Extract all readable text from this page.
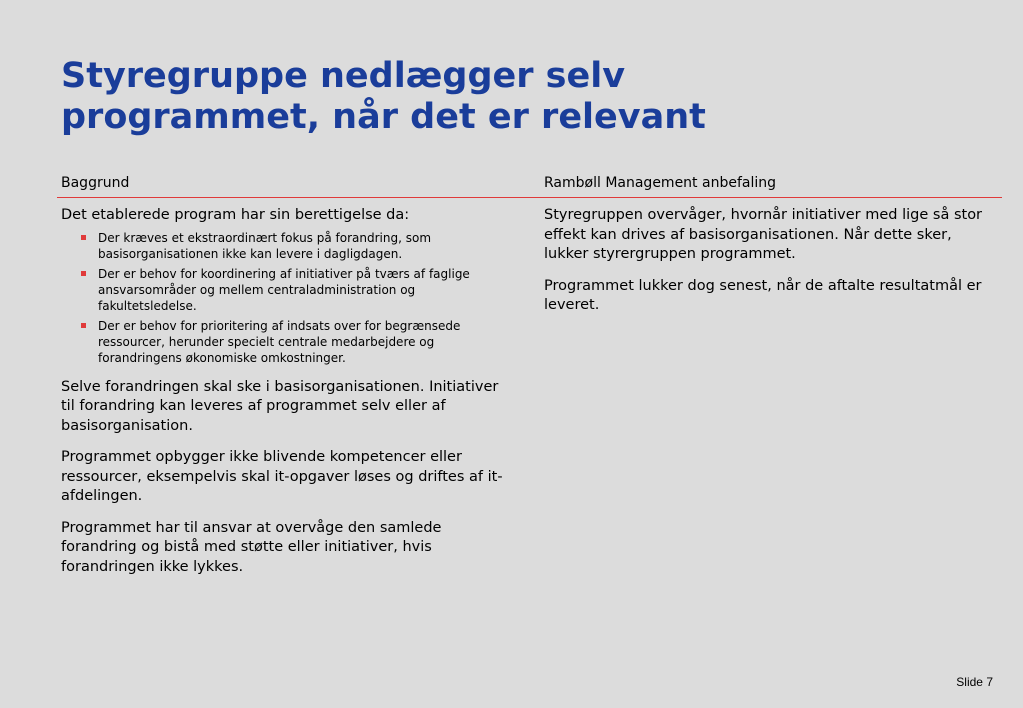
Styregruppe nedlægger selv
programmet, når det er relevant
Baggrund	Rambøll Management anbefaling

Det etablerede program har sin berettigelse da:

Der kræves et ekstraordinært fokus på forandring, som basisorganisationen ikke kan levere i dagligdagen.
Der er behov for koordinering af initiativer på tværs af faglige ansvarsområder og mellem centraladministration og fakultetsledelse.
Der er behov for prioritering af indsats over for begrænsede ressourcer, herunder specielt centrale medarbejdere og forandringens økonomiske omkostninger.

Selve forandringen skal ske i basisorganisationen. Initiativer til forandring kan leveres af programmet selv eller af basisorganisation.

Programmet opbygger ikke blivende kompetencer eller ressourcer, eksempelvis skal it-opgaver løses og driftes af it-afdelingen.

Programmet har til ansvar at overvåge den samlede forandring og bistå med støtte eller initiativer, hvis forandringen ikke lykkes.

Styregruppen overvåger, hvornår initiativer med lige så stor effekt kan drives af basisorganisationen. Når dette sker, lukker styrergruppen programmet.

Programmet lukker dog senest, når de aftalte resultatmål er leveret.

Slide 7
